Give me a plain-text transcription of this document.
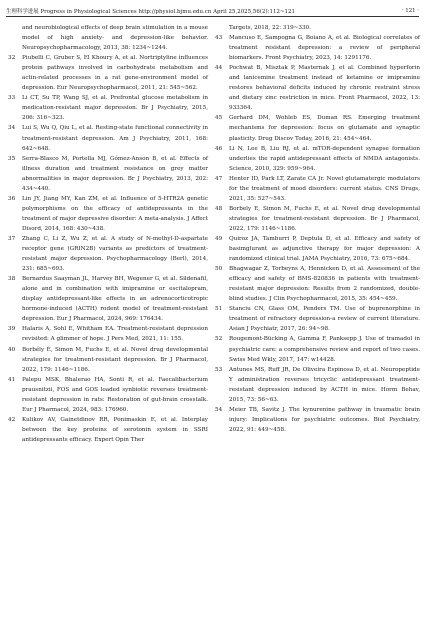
生理科学进展 Progress in Physiological Sciences http://physiol.bjmu.edu.cn April 25,2025,56(2):112~121	· 121 ·
and neurobiological effects of deep brain stimulation in a mouse model of high anxiety- and depression-like behavior. Neuropsychopharmacology, 2013, 38: 1234~1244.
32	Piubelli C, Gruber S, El Khoury A, et al. Nortriptyline influences protein pathways involved in carbohydrate metabolism and actin-related processes in a rat gene-environment model of depression. Eur Neuropsychopharmacol, 2011, 21: 545~562.
33	Li CT, Su TP, Wang SJ, et al. Prefrontal glucose metabolism in medication-resistant major depression. Br J Psychiatry, 2015, 206: 316~323.
34	Lui S, Wu Q, Qiu L, et al. Resting-state functional connectivity in treatment-resistant depression. Am J Psychiatry, 2011, 168: 642~648.
35	Serra-Blasco M, Portella MJ, Gómez-Anson B, et al. Effects of illness duration and treatment resistance on grey matter abnormalities in major depression. Br J Psychiatry, 2013, 202: 434~440.
36	Lin JY, Jiang MY, Kan ZM, et al. Influence of 5-HTR2A genetic polymorphisms on the efficacy of antidepressants in the treatment of major depressive disorder: A meta-analysis. J Affect Disord, 2014, 168: 430~438.
37	Zhang C, Li Z, Wu Z, et al. A study of N-methyl-D-aspartate receptor gene (GRIN2B) variants as predictors of treatment-resistant major depression. Psychopharmacology (Berl), 2014, 231: 685~693.
38	Bernardus Saayman JL, Harvey BH, Wegener G, et al. Sildenafil, alone and in combination with imipramine or escitalopram, display antidepressant-like effects in an adrenocorticotropic hormone-induced (ACTH) rodent model of treatment-resistant depression. Eur J Pharmacol, 2024, 969: 176434.
39	Halaris A, Sohl E, Whitham EA. Treatment-resistant depression revisited: A glimmer of hope. J Pers Med, 2021, 11: 155.
40	Borbély É, Simon M, Fuchs E, et al. Novel drug developmental strategies for treatment-resistant depression. Br J Pharmacol, 2022, 179: 1146~1186.
41	Palepu MSK, Bhalerao HA, Sonti R, et al. Faecalibacterium prausnitzii, FOS and GOS loaded synbiotic reverses treatment-resistant depression in rats: Restoration of gut-brain crosstalk. Eur J Pharmacol, 2024, 983: 176960.
42	Kulikov AV, Gainetdinov RR, Ponimaskin E, et al. Interplay between the key proteins of serotonin system in SSRI antidepressants efficacy. Expert Opin Ther
Targets, 2018, 22: 319~330.
43	Mancuso E, Sampogna G, Boiano A, et al. Biological correlates of treatment resistant depression: a review of peripheral biomarkers. Front Psychiatry, 2023, 14: 1291176.
44	Pochwat B, Misztak P, Masternak J, et al. Combined hyperforin and lanicemine treatment instead of ketamine or imipramine restores behavioral deficits induced by chronic restraint stress and dietary zinc restriction in mice. Front Pharmacol, 2022, 13: 933364.
45	Gerhard DM, Wohleb ES, Duman RS. Emerging treatment mechanisms for depression: focus on glutamate and synaptic plasticity. Drug Discov Today, 2016, 21: 454~464.
46	Li N, Lee B, Liu RJ, et al. mTOR-dependent synapse formation underlies the rapid antidepressant effects of NMDA antagonists. Science, 2010, 329: 959~964.
47	Henter ID, Park LT, Zarate CA Jr. Novel glutamatergic modulators for the treatment of mood disorders: current status. CNS Drugs, 2021, 35: 527~543.
48	Borbely E, Simon M, Fuchs E, et al. Novel drug developmental strategies for treatment-resistant depression. Br J Pharmacol, 2022, 179: 1146~1186.
49	Quiroz JA, Tamburri P, Deptula D, et al. Efficacy and safety of basimglurant as adjunctive therapy for major depression: A randomized clinical trial. JAMA Psychiatry, 2016, 73: 675~684.
50	Bhagwagar Z, Torbeyns A, Hennicken D, et al. Assessment of the efficacy and safety of BMS-820836 in patients with treatment-resistant major depression: Results from 2 randomized, double-blind studies. J Clin Psychopharmacol, 2015, 35: 454~459.
51	Stanciu CN, Glass OM, Penders TM. Use of buprenorphine in treatment of refractory depression-a review of current literature. Asian J Psychiatr, 2017, 26: 94~98.
52	Rougemont-Bücking A, Gamma F, Panksepp J. Use of tramadol in psychiatric care: a comprehensive review and report of two cases. Swiss Med Wkly, 2017, 147: w14428.
53	Antunes MS, Ruff JR, De Oliveira Espinosa D, et al. Neuropeptide Y administration reverses tricyclic antidepressant treatment-resistant depression induced by ACTH in mice. Horm Behav, 2015, 73: 56~63.
54	Meier TB, Savitz J. The kynurenine pathway in traumatic brain injury: Implications for psychiatric outcomes. Biol Psychiatry, 2022, 91: 449~458.
